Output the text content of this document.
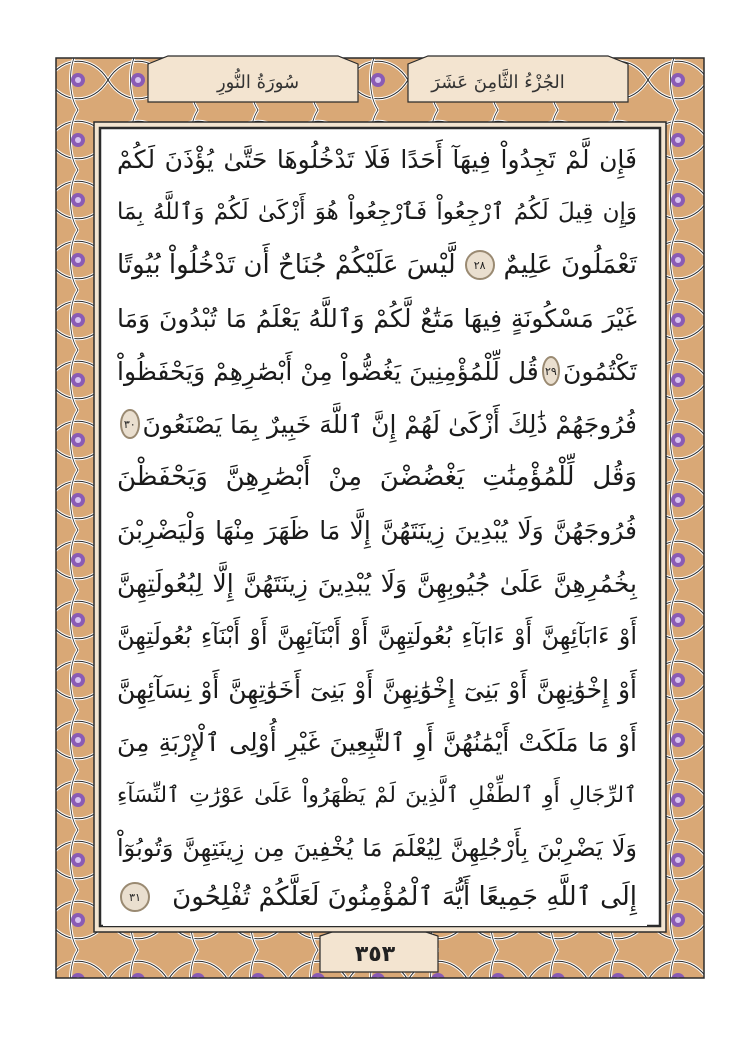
سُورَةُ النُّورِ	الجُزْءُ الثَّامِنَ عَشَرَ
فَإِن لَّمْ تَجِدُواْ فِيهَآ أَحَدًا فَلَا تَدْخُلُوهَا حَتَّىٰ يُؤْذَنَ لَكُمْ
وَإِن قِيلَ لَكُمُ ٱرْجِعُواْ فَٱرْجِعُواْ هُوَ أَزْكَىٰ لَكُمْ وَٱللَّهُ بِمَا
تَعْمَلُونَ عَلِيمٌ
٢٨
لَّيْسَ عَلَيْكُمْ جُنَاحٌ أَن تَدْخُلُواْ بُيُوتًا
غَيْرَ مَسْكُونَةٍ فِيهَا مَتَٰعٌ لَّكُمْ وَٱللَّهُ يَعْلَمُ مَا تُبْدُونَ وَمَا
تَكْتُمُونَ
٢٩
قُل لِّلْمُؤْمِنِينَ يَغُضُّواْ مِنْ أَبْصَٰرِهِمْ وَيَحْفَظُواْ
فُرُوجَهُمْ ذَٰلِكَ أَزْكَىٰ لَهُمْ إِنَّ ٱللَّهَ خَبِيرٌ بِمَا يَصْنَعُونَ
٣٠
وَقُل لِّلْمُؤْمِنَٰتِ يَغْضُضْنَ مِنْ أَبْصَٰرِهِنَّ وَيَحْفَظْنَ
فُرُوجَهُنَّ وَلَا يُبْدِينَ زِينَتَهُنَّ إِلَّا مَا ظَهَرَ مِنْهَا وَلْيَضْرِبْنَ
بِخُمُرِهِنَّ عَلَىٰ جُيُوبِهِنَّ وَلَا يُبْدِينَ زِينَتَهُنَّ إِلَّا لِبُعُولَتِهِنَّ
أَوْ ءَابَآئِهِنَّ أَوْ ءَابَآءِ بُعُولَتِهِنَّ أَوْ أَبْنَآئِهِنَّ أَوْ أَبْنَآءِ بُعُولَتِهِنَّ
أَوْ إِخْوَٰنِهِنَّ أَوْ بَنِىٓ إِخْوَٰنِهِنَّ أَوْ بَنِىٓ أَخَوَٰتِهِنَّ أَوْ نِسَآئِهِنَّ
أَوْ مَا مَلَكَتْ أَيْمَٰنُهُنَّ أَوِ ٱلتَّٰبِعِينَ غَيْرِ أُوْلِى ٱلْإِرْبَةِ مِنَ
ٱلرِّجَالِ أَوِ ٱلطِّفْلِ ٱلَّذِينَ لَمْ يَظْهَرُواْ عَلَىٰ عَوْرَٰتِ ٱلنِّسَآءِ
وَلَا يَضْرِبْنَ بِأَرْجُلِهِنَّ لِيُعْلَمَ مَا يُخْفِينَ مِن زِينَتِهِنَّ وَتُوبُوٓاْ
إِلَى ٱللَّهِ جَمِيعًا أَيُّهَ ٱلْمُؤْمِنُونَ لَعَلَّكُمْ تُفْلِحُونَ
٣١
٣٥٣
